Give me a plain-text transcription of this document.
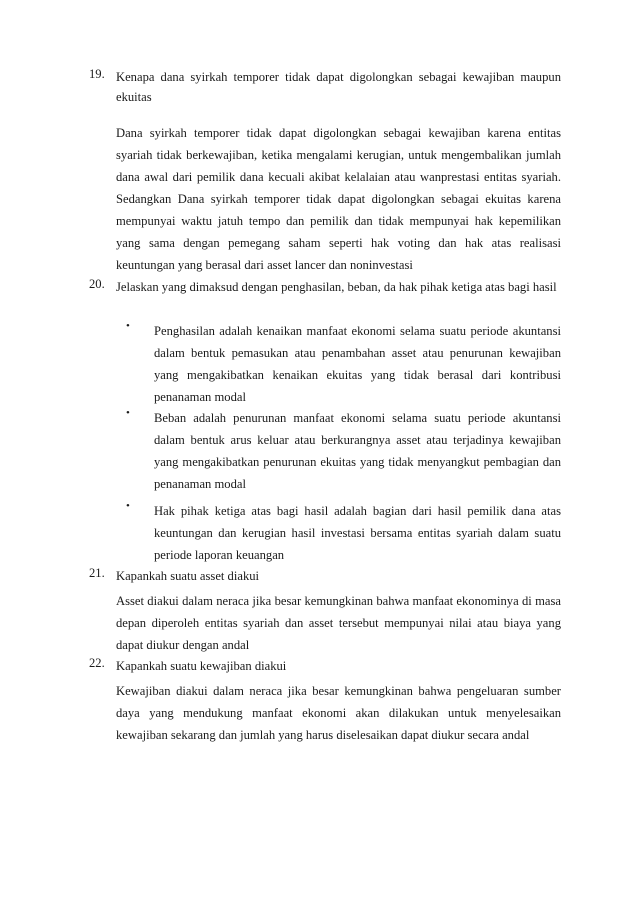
19. Kenapa dana syirkah temporer tidak dapat digolongkan sebagai kewajiban maupun ekuitas
Dana syirkah temporer tidak dapat digolongkan sebagai kewajiban karena entitas syariah tidak berkewajiban, ketika mengalami kerugian, untuk mengembalikan jumlah dana awal dari pemilik dana kecuali akibat kelalaian atau wanprestasi entitas syariah. Sedangkan Dana syirkah temporer tidak dapat digolongkan sebagai ekuitas karena mempunyai waktu jatuh tempo dan pemilik dan tidak mempunyai hak kepemilikan yang sama dengan pemegang saham seperti hak voting dan hak atas realisasi keuntungan yang berasal dari asset lancer dan noninvestasi
20. Jelaskan yang dimaksud dengan penghasilan, beban, da hak pihak ketiga atas bagi hasil
•	Penghasilan adalah kenaikan manfaat ekonomi selama suatu periode akuntansi dalam bentuk pemasukan atau penambahan asset atau penurunan kewajiban yang mengakibatkan kenaikan ekuitas yang tidak berasal dari kontribusi penanaman modal
•	Beban adalah penurunan manfaat ekonomi selama suatu periode akuntansi dalam bentuk arus keluar atau berkurangnya asset atau terjadinya kewajiban yang mengakibatkan penurunan ekuitas yang tidak menyangkut pembagian dan penanaman modal
•	Hak pihak ketiga atas bagi hasil adalah bagian dari hasil pemilik dana atas keuntungan dan kerugian hasil investasi bersama entitas syariah dalam suatu periode laporan keuangan
21. Kapankah suatu asset diakui
Asset diakui dalam neraca jika besar kemungkinan bahwa manfaat ekonominya di masa depan diperoleh entitas syariah dan asset tersebut mempunyai nilai atau biaya yang dapat diukur dengan andal
22. Kapankah suatu kewajiban diakui
Kewajiban diakui dalam neraca jika besar kemungkinan bahwa pengeluaran sumber daya yang mendukung manfaat ekonomi akan dilakukan untuk menyelesaikan kewajiban sekarang dan jumlah yang harus diselesaikan dapat diukur secara andal
